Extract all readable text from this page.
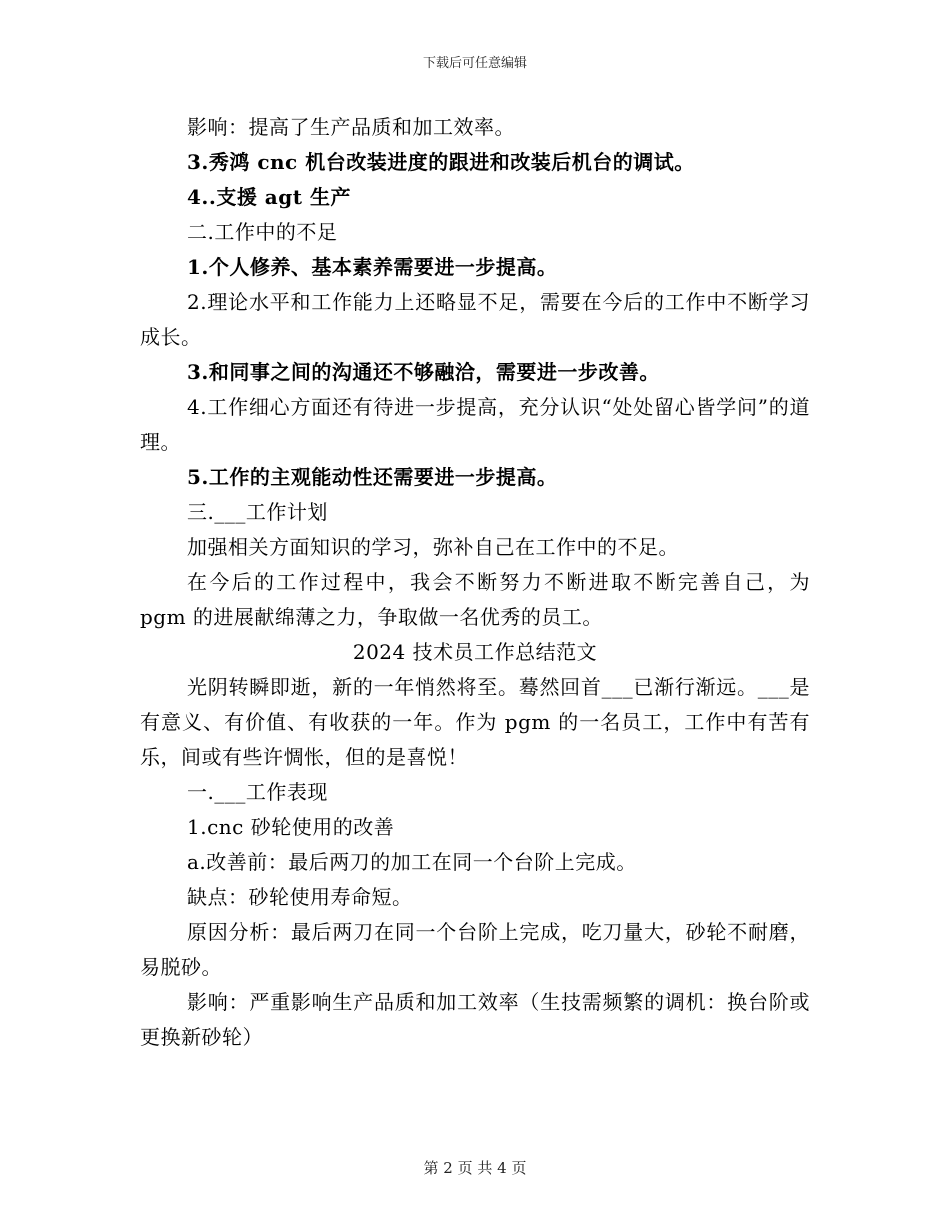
下载后可任意编辑

影响：提高了生产品质和加工效率。

3.秀鸿 cnc 机台改装进度的跟进和改装后机台的调试。

4..支援 agt 生产

二.工作中的不足

1.个人修养、基本素养需要进一步提高。

2.理论水平和工作能力上还略显不足，需要在今后的工作中不断学习成长。

3.和同事之间的沟通还不够融洽，需要进一步改善。

4.工作细心方面还有待进一步提高，充分认识“处处留心皆学问”的道理。

5.工作的主观能动性还需要进一步提高。

三.___工作计划

加强相关方面知识的学习，弥补自己在工作中的不足。

在今后的工作过程中，我会不断努力不断进取不断完善自己，为 pgm 的进展献绵薄之力，争取做一名优秀的员工。

2024 技术员工作总结范文

光阴转瞬即逝，新的一年悄然将至。蓦然回首___已渐行渐远。___是有意义、有价值、有收获的一年。作为 pgm 的一名员工，工作中有苦有乐，间或有些许惆怅，但的是喜悦！

一.___工作表现

1.cnc 砂轮使用的改善

a.改善前：最后两刀的加工在同一个台阶上完成。

缺点：砂轮使用寿命短。

原因分析：最后两刀在同一个台阶上完成，吃刀量大，砂轮不耐磨，易脱砂。

影响：严重影响生产品质和加工效率（生技需频繁的调机：换台阶或更换新砂轮）

第 2 页 共 4 页
